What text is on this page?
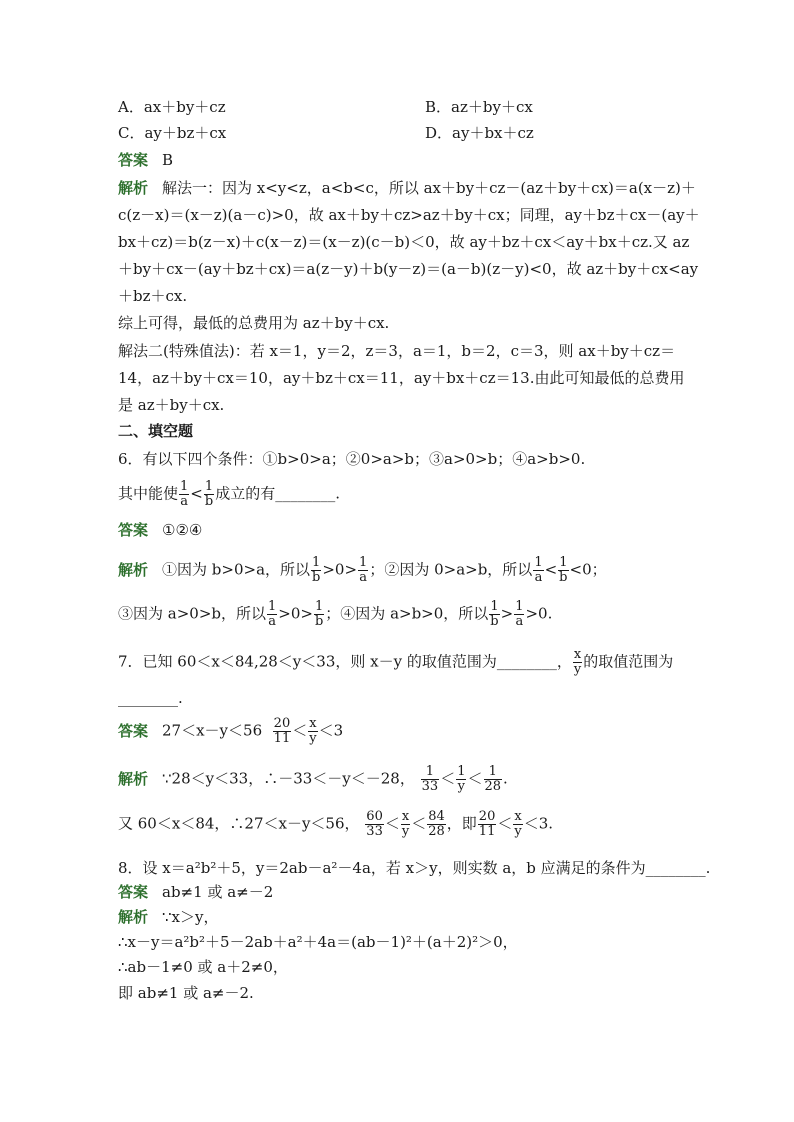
A．ax＋by＋cz	B．az＋by＋cx
C．ay＋bz＋cx	D．ay＋bx＋cz
答案 B
解析 解法一：因为 x<y<z，a<b<c，所以 ax＋by＋cz－(az＋by＋cx)＝a(x－z)＋
c(z－x)＝(x－z)(a－c)>0，故 ax＋by＋cz>az＋by＋cx；同理，ay＋bz＋cx－(ay＋
bx＋cz)＝b(z－x)＋c(x－z)＝(x－z)(c－b)＜0，故 ay＋bz＋cx＜ay＋bx＋cz.又 az
＋by＋cx－(ay＋bz＋cx)＝a(z－y)＋b(y－z)＝(a－b)(z－y)<0，故 az＋by＋cx<ay
＋bz＋cx.
综上可得，最低的总费用为 az＋by＋cx.
解法二(特殊值法)：若 x＝1，y＝2，z＝3，a＝1，b＝2，c＝3，则 ax＋by＋cz＝
14，az＋by＋cx＝10，ay＋bz＋cx＝11，ay＋bx＋cz＝13.由此可知最低的总费用
是 az＋by＋cx.
二、填空题
6．有以下四个条件：①b>0>a；②0>a>b；③a>0>b；④a>b>0.
其中能使 $\frac{1}{a} < \frac{1}{b}$ 成立的有________.
答案 ①②④
解析 ①因为 b>0>a，所以 $\frac{1}{b} >0> \frac{1}{a}$ ；②因为 0>a>b，所以 $\frac{1}{a} < \frac{1}{b} <0$；
③因为 a>0>b，所以 $\frac{1}{a} >0> \frac{1}{b}$ ；④因为 a>b>0，所以 $\frac{1}{b} > \frac{1}{a} >0$.
7．已知 60＜x＜84,28＜y＜33，则 x－y 的取值范围为________， $\frac{x}{y}$ 的取值范围为
________.
答案 $27<x-y<56 \frac{20}{11} < \frac{x}{y} <3$
解析 ∵28＜y＜33，∴－33＜－y＜－28， $\frac{1}{33} < \frac{1}{y} < \frac{1}{28}$ .
又 60＜x＜84，∴27＜x－y＜56， $\frac{60}{33} < \frac{x}{y} < \frac{84}{28}$ ，即 $\frac{20}{11} < \frac{x}{y} <3$.
8．设 x＝a²b²＋5，y＝2ab－a²－4a，若 x＞y，则实数 a，b 应满足的条件为________.
答案 ab≠1 或 a≠－2
解析 ∵x＞y，
∴x－y＝a²b²＋5－2ab＋a²＋4a＝(ab－1)²＋(a＋2)²＞0，
∴ab－1≠0 或 a＋2≠0，
即 ab≠1 或 a≠－2.
